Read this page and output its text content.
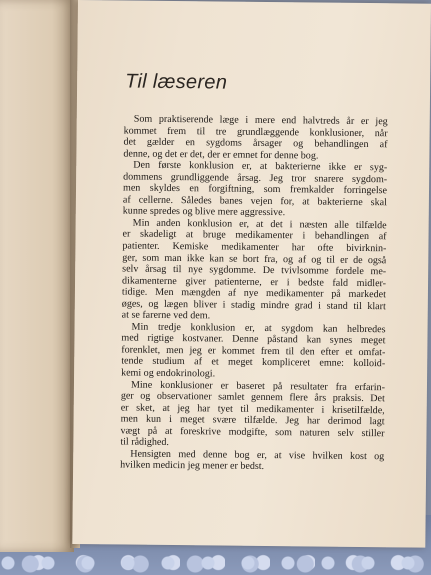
Til læseren
Som praktiserende læge i mere end halvtreds år er jeg
kommet frem til tre grundlæggende konklusioner, når
det gælder en sygdoms årsager og behandlingen af
denne, og det er det, der er emnet for denne bog.
Den første konklusion er, at bakterierne ikke er syg-
dommens grundliggende årsag. Jeg tror snarere sygdom-
men skyldes en forgiftning, som fremkalder forringelse
af cellerne. Således banes vejen for, at bakterierne skal
kunne spredes og blive mere aggressive.
Min anden konklusion er, at det i næsten alle tilfælde
er skadeligt at bruge medikamenter i behandlingen af
patienter. Kemiske medikamenter har ofte bivirknin-
ger, som man ikke kan se bort fra, og af og til er de også
selv årsag til nye sygdomme. De tvivlsomme fordele me-
dikamenterne giver patienterne, er i bedste fald midler-
tidige. Men mængden af nye medikamenter på markedet
øges, og lægen bliver i stadig mindre grad i stand til klart
at se farerne ved dem.
Min tredje konklusion er, at sygdom kan helbredes
med rigtige kostvaner. Denne påstand kan synes meget
forenklet, men jeg er kommet frem til den efter et omfat-
tende studium af et meget kompliceret emne: kolloid-
kemi og endokrinologi.
Mine konklusioner er baseret på resultater fra erfarin-
ger og observationer samlet gennem flere års praksis. Det
er sket, at jeg har tyet til medikamenter i krisetilfælde,
men kun i meget svære tilfælde. Jeg har derimod lagt
vægt på at foreskrive modgifte, som naturen selv stiller
til rådighed.
Hensigten med denne bog er, at vise hvilken kost og
hvilken medicin jeg mener er bedst.
